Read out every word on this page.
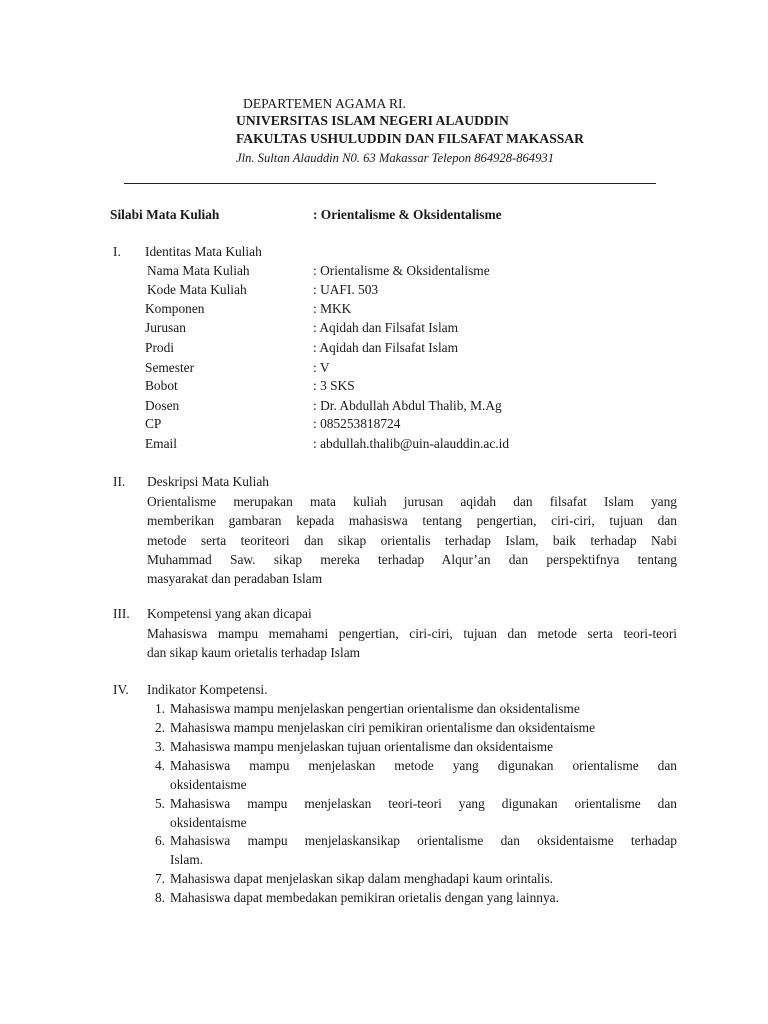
DEPARTEMEN AGAMA RI.
UNIVERSITAS ISLAM NEGERI ALAUDDIN
FAKULTAS USHULUDDIN DAN FILSAFAT MAKASSAR
Jln. Sultan Alauddin N0. 63 Makassar Telepon 864928-864931
Silabi Mata Kuliah	: Orientalisme & Oksidentalisme
I. Identitas Mata Kuliah
Nama Mata Kuliah	: Orientalisme & Oksidentalisme
Kode Mata Kuliah	: UAFI. 503
Komponen	: MKK
Jurusan	: Aqidah dan Filsafat Islam
Prodi	: Aqidah dan Filsafat Islam
Semester	: V
Bobot	: 3 SKS
Dosen	: Dr. Abdullah Abdul Thalib, M.Ag
CP	: 085253818724
Email	: abdullah.thalib@uin-alauddin.ac.id
II. Deskripsi Mata Kuliah
Orientalisme merupakan mata kuliah jurusan aqidah dan filsafat Islam yang
memberikan gambaran kepada mahasiswa tentang pengertian, ciri-ciri, tujuan dan
metode serta teoriteori dan sikap orientalis terhadap Islam, baik terhadap Nabi
Muhammad Saw. sikap mereka terhadap Alqur’an dan perspektifnya tentang
masyarakat dan peradaban Islam
III. Kompetensi yang akan dicapai
Mahasiswa mampu memahami pengertian, ciri-ciri, tujuan dan metode serta teori-teori
dan sikap kaum orietalis terhadap Islam
IV. Indikator Kompetensi.
1. Mahasiswa mampu menjelaskan pengertian orientalisme dan oksidentalisme
2. Mahasiswa mampu menjelaskan ciri pemikiran orientalisme dan oksidentaisme
3. Mahasiswa mampu menjelaskan tujuan orientalisme dan oksidentaisme
4. Mahasiswa mampu menjelaskan metode yang digunakan orientalisme dan
oksidentaisme
5. Mahasiswa mampu menjelaskan teori-teori yang digunakan orientalisme dan
oksidentaisme
6. Mahasiswa mampu menjelaskansikap orientalisme dan oksidentaisme terhadap
Islam.
7. Mahasiswa dapat menjelaskan sikap dalam menghadapi kaum orintalis.
8. Mahasiswa dapat membedakan pemikiran orietalis dengan yang lainnya.
